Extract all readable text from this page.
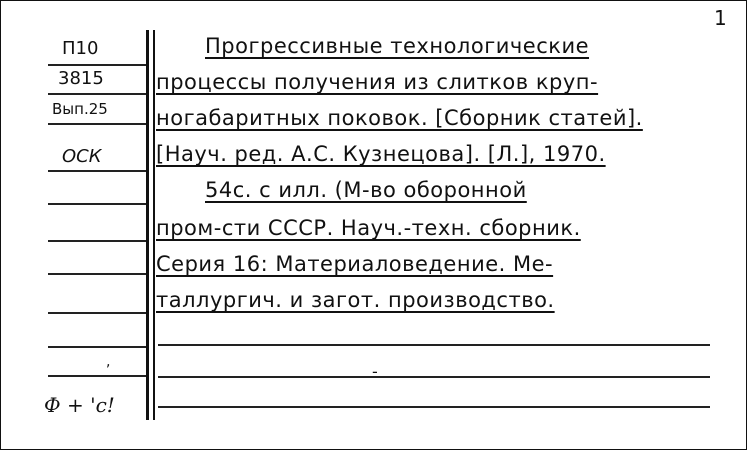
1
П10
3815
Вып.25
ОСК
Прогрессивные технологические
процессы получения из слитков круп-
ногабаритных поковок. [Сборник статей].
[Науч. ред. А.С. Кузнецова]. [Л.], 1970.
54с. с илл. (М-во оборонной
пром-сти СССР. Науч.-техн. сборник.
Серия 16: Материаловедение. Ме-
таллургич. и загот. производство.
,	-
Ф + 'с!
